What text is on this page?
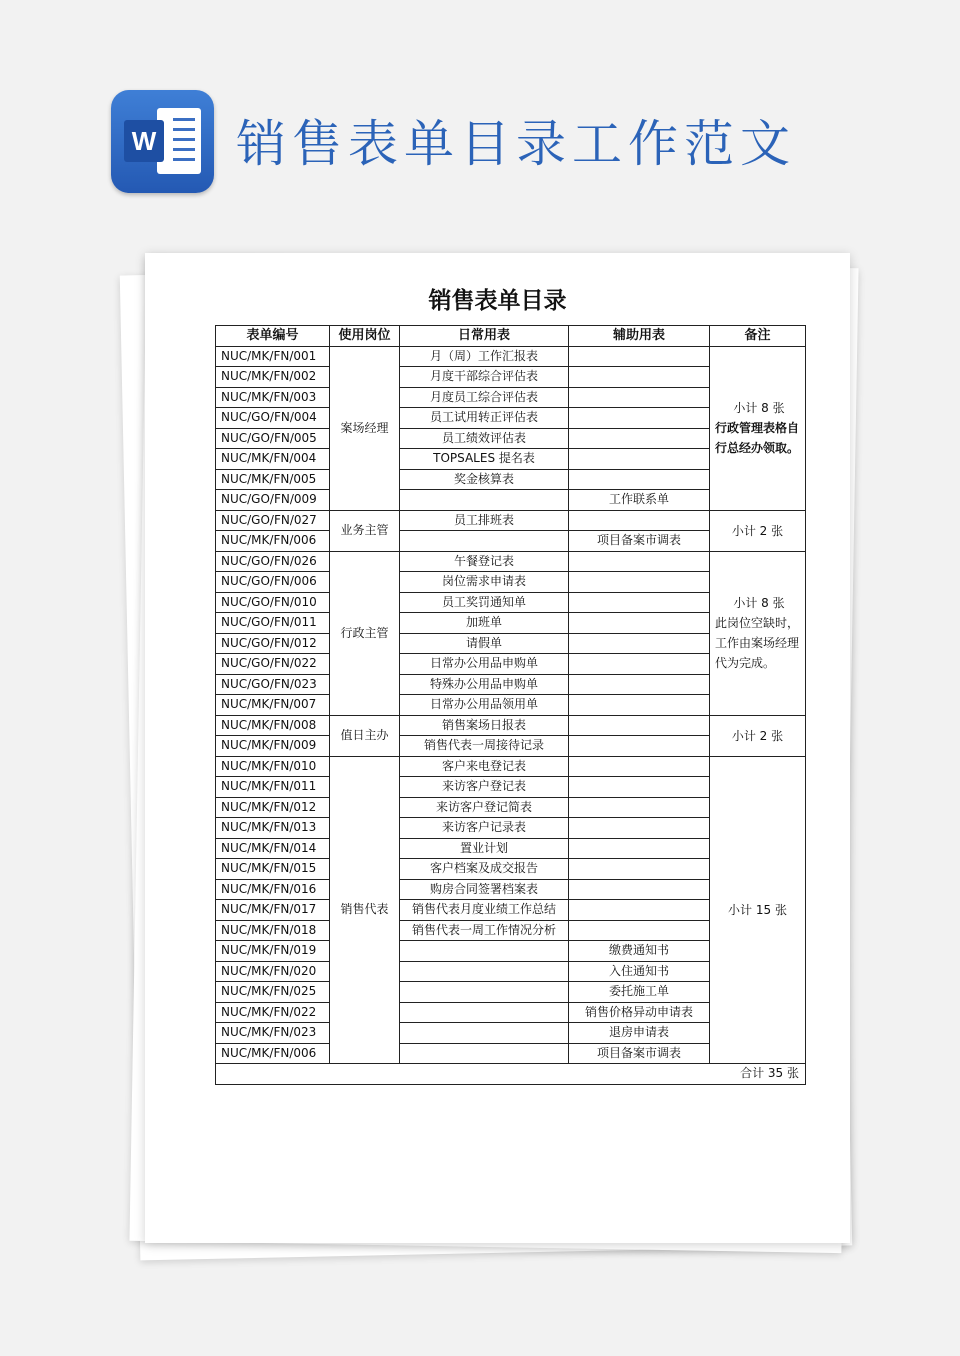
W 销售表单目录工作范文
销售表单目录
表单编号	使用岗位	日常用表	辅助用表	备注
NUC/MK/FN/001	案场经理	月（周）工作汇报表		小计 8 张
行政管理表格自行总经办领取。

NUC/MK/FN/002		月度干部综合评估表		
NUC/MK/FN/003		月度员工综合评估表		
NUC/GO/FN/004		员工试用转正评估表		
NUC/GO/FN/005		员工绩效评估表		
NUC/MK/FN/004		TOPSALES 提名表		
NUC/MK/FN/005		奖金核算表		
NUC/GO/FN/009			工作联系单	
NUC/GO/FN/027	业务主管	员工排班表		小计 2 张

NUC/MK/FN/006			项目备案市调表	
NUC/GO/FN/026	行政主管	午餐登记表		小计 8 张
此岗位空缺时，工作由案场经理代为完成。

NUC/GO/FN/006		岗位需求申请表		
NUC/GO/FN/010		员工奖罚通知单		
NUC/GO/FN/011		加班单		
NUC/GO/FN/012		请假单		
NUC/GO/FN/022		日常办公用品申购单		
NUC/GO/FN/023		特殊办公用品申购单		
NUC/MK/FN/007		日常办公用品领用单		
NUC/MK/FN/008	值日主办	销售案场日报表		小计 2 张

NUC/MK/FN/009		销售代表一周接待记录		
NUC/MK/FN/010	销售代表	客户来电登记表		小计 15 张

NUC/MK/FN/011		来访客户登记表		
NUC/MK/FN/012		来访客户登记简表		
NUC/MK/FN/013		来访客户记录表		
NUC/MK/FN/014		置业计划		
NUC/MK/FN/015		客户档案及成交报告		
NUC/MK/FN/016		购房合同签署档案表		
NUC/MK/FN/017		销售代表月度业绩工作总结		
NUC/MK/FN/018		销售代表一周工作情况分析		
NUC/MK/FN/019			缴费通知书	
NUC/MK/FN/020			入住通知书	
NUC/MK/FN/025			委托施工单	
NUC/MK/FN/022			销售价格异动申请表	
NUC/MK/FN/023			退房申请表	
NUC/MK/FN/006			项目备案市调表	
合计 35 张				
